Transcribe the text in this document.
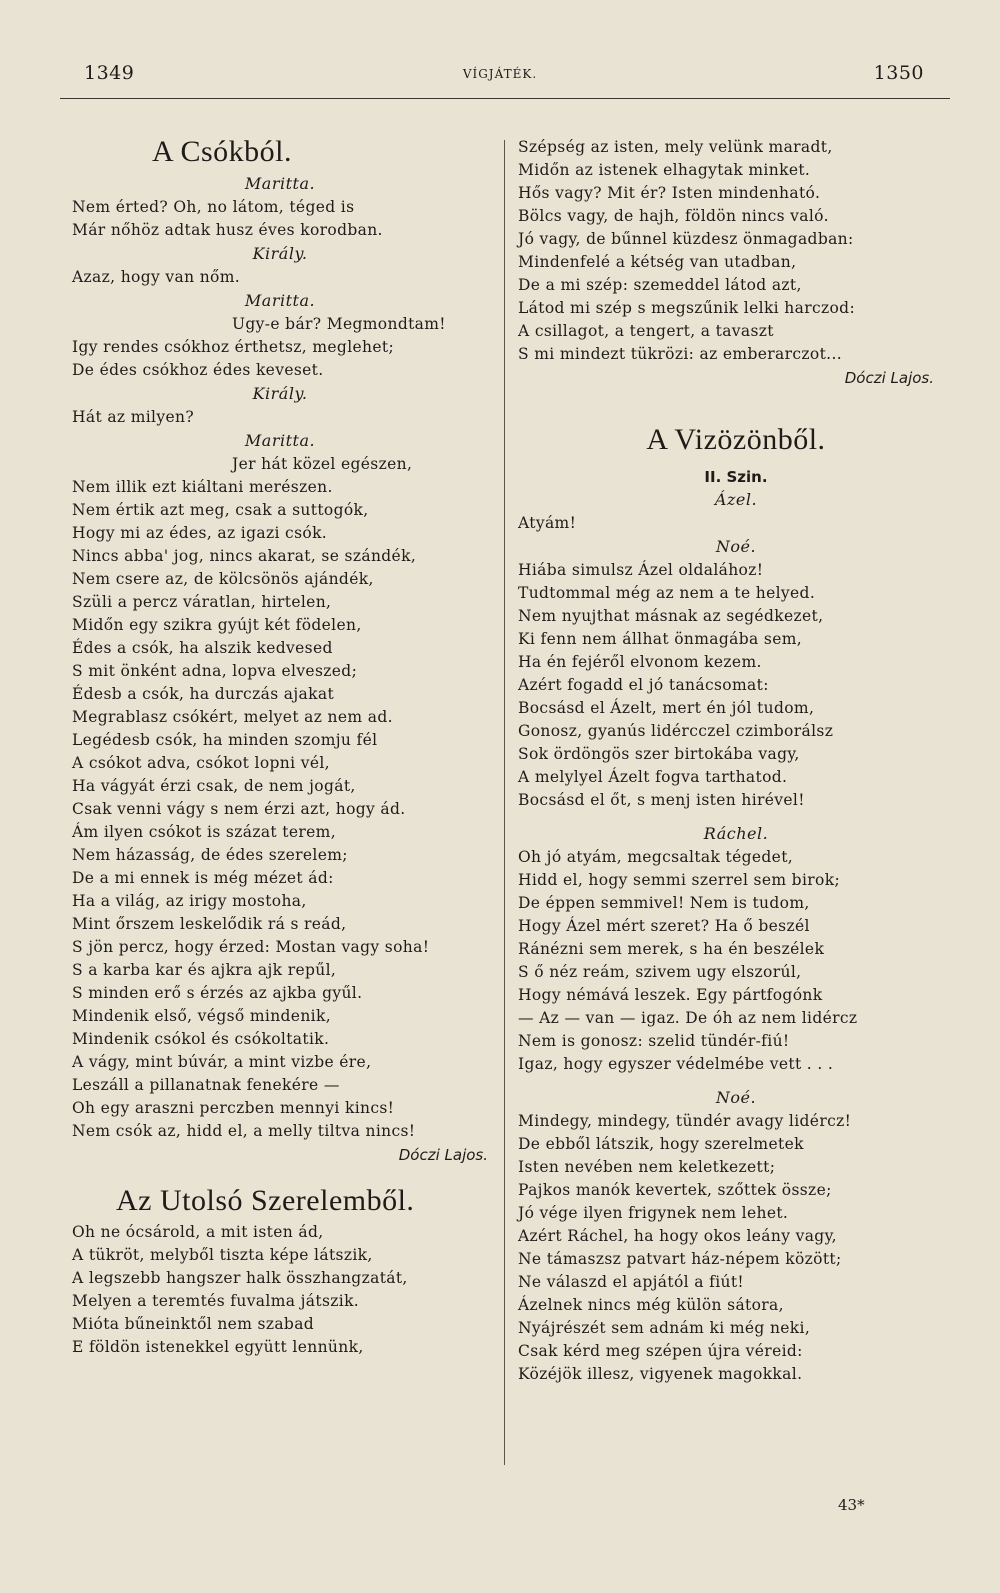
1349	VÍGJÁTÉK.	1350
A Csókból.
Maritta.
Nem érted? Oh, no látom, téged is
Már nőhöz adtak husz éves korodban.
Király.
Azaz, hogy van nőm.
Maritta.
Ugy-e bár? Megmondtam!
Igy rendes csókhoz érthetsz, meglehet;
De édes csókhoz édes keveset.
Király.
Hát az milyen?
Maritta.
Jer hát közel egészen,
Nem illik ezt kiáltani merészen.
Nem értik azt meg, csak a suttogók,
Hogy mi az édes, az igazi csók.
Nincs abba' jog, nincs akarat, se szándék,
Nem csere az, de kölcsönös ajándék,
Szüli a percz váratlan, hirtelen,
Midőn egy szikra gyújt két födelen,
Édes a csók, ha alszik kedvesed
S mit önként adna, lopva elveszed;
Édesb a csók, ha durczás ajakat
Megrablasz csókért, melyet az nem ad.
Legédesb csók, ha minden szomju fél
A csókot adva, csókot lopni vél,
Ha vágyát érzi csak, de nem jogát,
Csak venni vágy s nem érzi azt, hogy ád.
Ám ilyen csókot is százat terem,
Nem házasság, de édes szerelem;
De a mi ennek is még mézet ád:
Ha a világ, az irigy mostoha,
Mint őrszem leskelődik rá s reád,
S jön percz, hogy érzed: Mostan vagy soha!
S a karba kar és ajkra ajk repűl,
S minden erő s érzés az ajkba gyűl.
Mindenik első, végső mindenik,
Mindenik csókol és csókoltatik.
A vágy, mint búvár, a mint vizbe ére,
Leszáll a pillanatnak fenekére —
Oh egy araszni perczben mennyi kincs!
Nem csók az, hidd el, a melly tiltva nincs!
Dóczi Lajos.
Az Utolsó Szerelemből.
Oh ne ócsárold, a mit isten ád,
A tükröt, melyből tiszta képe látszik,
A legszebb hangszer halk összhangzatát,
Melyen a teremtés fuvalma játszik.
Mióta bűneinktől nem szabad
E földön istenekkel együtt lennünk,
Szépség az isten, mely velünk maradt,
Midőn az istenek elhagytak minket.
Hős vagy? Mit ér? Isten mindenható.
Bölcs vagy, de hajh, földön nincs való.
Jó vagy, de bűnnel küzdesz önmagadban:
Mindenfelé a kétség van utadban,
De a mi szép: szemeddel látod azt,
Látod mi szép s megszűnik lelki harczod:
A csillagot, a tengert, a tavaszt
S mi mindezt tükrözi: az emberarczot...
Dóczi Lajos.
A Vizözönből.
II. Szin.
Ázel.
Atyám!
Noé.
Hiába simulsz Ázel oldalához!
Tudtommal még az nem a te helyed.
Nem nyujthat másnak az segédkezet,
Ki fenn nem állhat önmagába sem,
Ha én fejéről elvonom kezem.
Azért fogadd el jó tanácsomat:
Bocsásd el Ázelt, mert én jól tudom,
Gonosz, gyanús lidércczel czimborálsz
Sok ördöngös szer birtokába vagy,
A melylyel Ázelt fogva tarthatod.
Bocsásd el őt, s menj isten hirével!
Ráchel.
Oh jó atyám, megcsaltak tégedet,
Hidd el, hogy semmi szerrel sem birok;
De éppen semmivel! Nem is tudom,
Hogy Ázel mért szeret? Ha ő beszél
Ránézni sem merek, s ha én beszélek
S ő néz reám, szivem ugy elszorúl,
Hogy némává leszek. Egy pártfogónk
— Az — van — igaz. De óh az nem lidércz
Nem is gonosz: szelid tündér-fiú!
Igaz, hogy egyszer védelmébe vett . . .
Noé.
Mindegy, mindegy, tündér avagy lidércz!
De ebből látszik, hogy szerelmetek
Isten nevében nem keletkezett;
Pajkos manók kevertek, szőttek össze;
Jó vége ilyen frigynek nem lehet.
Azért Ráchel, ha hogy okos leány vagy,
Ne támaszsz patvart ház-népem között;
Ne válaszd el apjától a fiút!
Ázelnek nincs még külön sátora,
Nyájrészét sem adnám ki még neki,
Csak kérd meg szépen újra véreid:
Közéjök illesz, vigyenek magokkal.
43*
